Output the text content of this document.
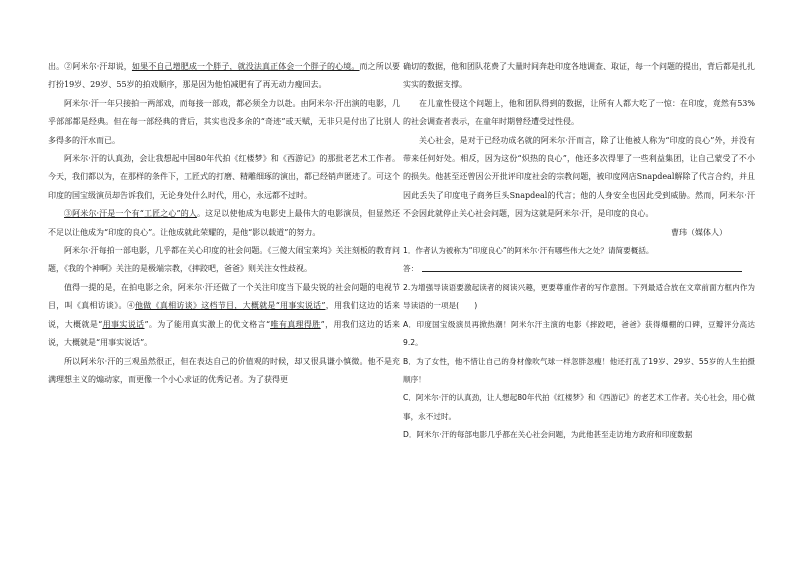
出。②阿米尔·汗却说，如果不自己增肥成一个胖子，就没法真正体会一个胖子的心境。而之所以要打扮19岁、29岁、55岁的拍戏顺序，那是因为他怕减肥有了再无动力瘦回去。

阿米尔·汗一年只接拍一两部戏，而每接一部戏，都必须全力以赴。由阿米尔·汗出演的电影，几乎部部都是经典。但在每一部经典的背后，其实也没多余的“奇迹”或天赋，无非只是付出了比别人多得多的汗水而已。

阿米尔·汗的认真劲，会让我想起中国80年代拍《红楼梦》和《西游记》的那批老艺术工作者。今天，我们都以为，在那样的条件下，工匠式的打磨、精雕细琢的演出，都已经销声匿迹了。可这个印度的国宝级演员却告诉我们，无论身处什么时代，用心，永远都不过时。

③阿米尔·汗是一个有“工匠之心”的人。这足以使他成为电影史上最伟大的电影演员，但显然还不足以让他成为“印度的良心”。让他成就此荣耀的，是他“影以载道”的努力。

阿米尔·汗每拍一部电影，几乎都在关心印度的社会问题。《三傻大闹宝莱坞》关注刻板的教育问题，《我的个神啊》关注的是极端宗教，《摔跤吧，爸爸》则关注女性歧视。

值得一提的是，在拍电影之余，阿米尔·汗还做了一个关注印度当下最尖锐的社会问题的电视节目，叫《真相访谈》。④他做《真相访谈》这档节目，大概就是“用事实说话”，用我们这边的话来说，大概就是“用事实说话”。为了能用真实激上的优文格言“唯有真理得胜”，用我们这边的话来说，大概就是“用事实说话”。

所以阿米尔·汗的三观虽然很正，但在表达自己的价值观的时候，却又很具谦小慎微。他不是充满理想主义的煽动家，而更像一个小心求证的优秀记者。为了获得更

确切的数据，他和团队花费了大量时间奔赴印度各地调查、取证，每一个问题的提出，背后都是扎扎实实的数据支撑。

在儿童性侵这个问题上，他和团队得到的数据，让所有人都大吃了一惊：在印度，竟然有53%的社会调查者表示，在童年时期曾经遭受过性侵。

关心社会，是对于已经功成名就的阿米尔·汗而言，除了让他被人称为“印度的良心”外，并没有带来任何好处。相反，因为这份“炽热的良心”，他还多次得罪了一些利益集团，让自己蒙受了不小的损失。他甚至还曾因公开批评印度社会的宗教问题，被印度网店Snapdeal解除了代言合约，并且因此丢失了印度电子商务巨头Snapdeal的代言；他的人身安全也因此受到威胁。然而，阿米尔·汗不会因此就停止关心社会问题，因为这就是阿米尔·汗，是印度的良心。

曹玮（媒体人）

1．作者认为被称为“印度良心”的阿米尔·汗有哪些伟大之处？请简要概括。

答：

2.为增强导读语要激起读者的阅读兴趣，更要尊重作者的写作意图。下列最适合放在文章前面方框内作为导读语的一项是(　　)

A．印度国宝级演员再掀热潮！阿米尔汗主演的电影《摔跤吧，爸爸》获得爆棚的口碑，豆瓣评分高达9.2。

B．为了女性，他不惜让自己的身材像吹气球一样忽胖忽瘦！他还打乱了19岁、29岁、55岁的人生拍摄顺序！

C．阿米尔·汗的认真劲，让人想起80年代拍《红楼梦》和《西游记》的老艺术工作者。关心社会，用心做事，永不过时。

D．阿米尔·汗的每部电影几乎都在关心社会问题，为此他甚至走访地方政府和印度数据
